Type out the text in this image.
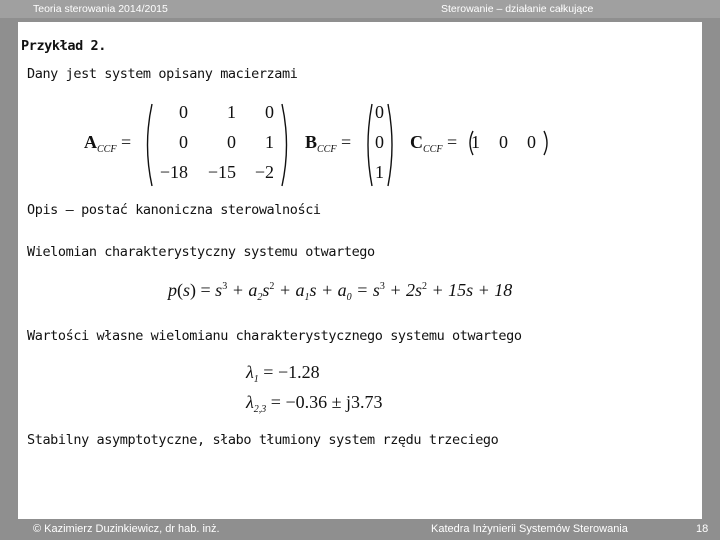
Teoria sterowania 2014/2015	Sterowanie – działanie całkujące
Przykład 2.
Dany jest system opisany macierzami
$A_{CCF}$ =
0	1	0
0	0	1
−18 −15	−2
$B_{CCF}$ =
0
0
1
$C_{CCF} = 1$	0	0
Opis – postać kanoniczna sterowalności
Wielomian charakterystyczny systemu otwartego
$p(s) = s^3 + a_2s^2 + a_1s + a_0 = s^3 + 2s^2 + 15s + 18$
Wartości własne wielomianu charakterystycznego systemu otwartego
$\lambda_1 = -1.28$
$\lambda_{2,3} = -0.36 \pm j3.73$
Stabilny asymptotyczne, słabo tłumiony system rzędu trzeciego
© Kazimierz Duzinkiewicz, dr hab. inż.	Katedra Inżynierii Systemów Sterowania	18
